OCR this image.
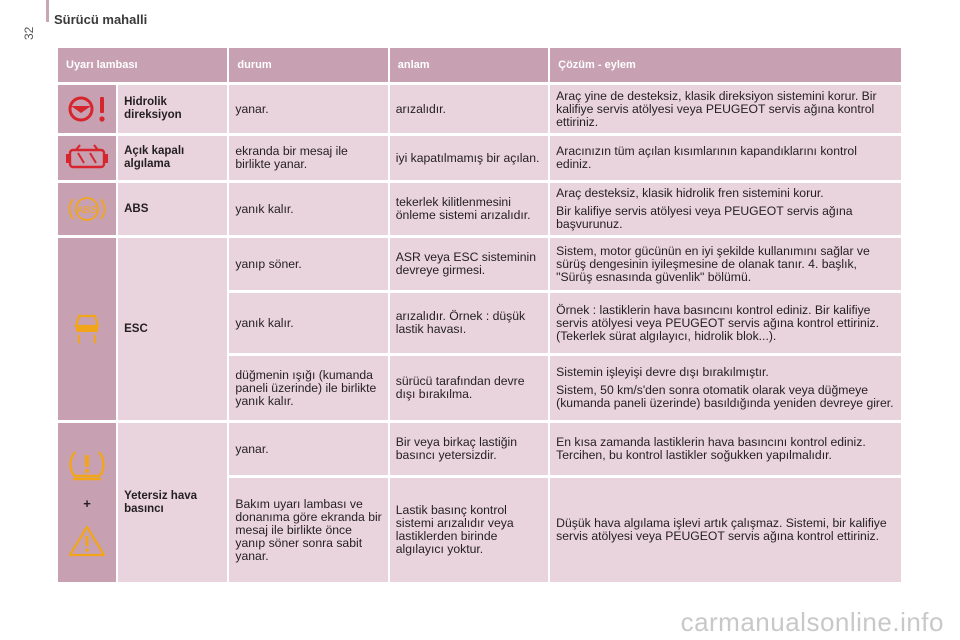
32
Sürücü mahalli
Uyarı lambası		durum	anlam	Çözüm - eylem

	Hidrolik direksiyon	yanar.	arızalıdır.	Araç yine de desteksiz, klasik direksiyon sistemini korur. Bir kalifiye servis atölyesi veya PEUGEOT servis ağına kontrol ettiriniz.

	Açık kapalı algılama	ekranda bir mesaj ile birlikte yanar.	iyi kapatılmamış bir açılan.	Aracınızın tüm açılan kısımlarının kapandıklarını kontrol ediniz.

ABS	ABS	yanık kalır.	tekerlek kilitlenmesini önleme sistemi arızalıdır.	Araç desteksiz, klasik hidrolik fren sistemini korur.
Bir kalifiye servis atölyesi veya PEUGEOT servis ağına başvurunuz.

	ESC	yanıp söner.	ASR veya ESC sisteminin devreye girmesi.	Sistem, motor gücünün en iyi şekilde kullanımını sağlar ve sürüş dengesinin iyileşmesine de olanak tanır. 4. başlık, "Sürüş esnasında güvenlik" bölümü.
		yanık kalır.	arızalıdır. Örnek : düşük lastik havası.	Örnek : lastiklerin hava basıncını kontrol ediniz. Bir kalifiye servis atölyesi veya PEUGEOT servis ağına kontrol ettiriniz. (Tekerlek sürat algılayıcı, hidrolik blok...).
		düğmenin ışığı (kumanda paneli üzerinde) ile birlikte yanık kalır.	sürücü tarafından devre dışı bırakılma.	Sistemin işleyişi devre dışı bırakılmıştır.
Sistem, 50 km/s'den sonra otomatik olarak veya düğmeye (kumanda paneli üzerinde) basıldığında yeniden devreye girer.

+	Yetersiz hava basıncı	yanar.	Bir veya birkaç lastiğin basıncı yetersizdir.	En kısa zamanda lastiklerin hava basıncını kontrol ediniz. Tercihen, bu kontrol lastikler soğukken yapılmalıdır.
		Bakım uyarı lambası ve donanıma göre ekranda bir mesaj ile birlikte önce yanıp söner sonra sabit yanar.	Lastik basınç kontrol sistemi arızalıdır veya lastiklerden birinde algılayıcı yoktur.	Düşük hava algılama işlevi artık çalışmaz. Sistemi, bir kalifiye servis atölyesi veya PEUGEOT servis ağına kontrol ettiriniz.
carmanualsonline.info
